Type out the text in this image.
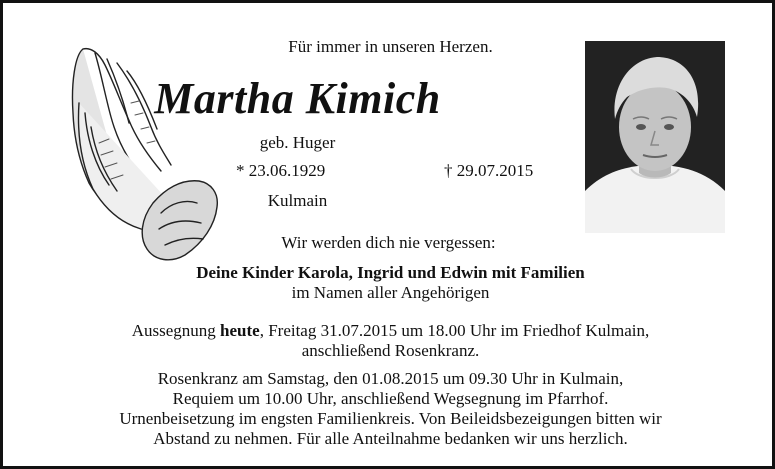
Für immer in unseren Herzen.
Martha Kimich
geb. Huger
* 23.06.1929	† 29.07.2015
Kulmain
Wir werden dich nie vergessen:
Deine Kinder Karola, Ingrid und Edwin mit Familien
im Namen aller Angehörigen
Aussegnung heute, Freitag 31.07.2015 um 18.00 Uhr im Friedhof Kulmain,
anschließend Rosenkranz.
Rosenkranz am Samstag, den 01.08.2015 um 09.30 Uhr in Kulmain,
Requiem um 10.00 Uhr, anschließend Wegsegnung im Pfarrhof.
Urnenbeisetzung im engsten Familienkreis. Von Beileidsbezeigungen bitten wir
Abstand zu nehmen. Für alle Anteilnahme bedanken wir uns herzlich.
